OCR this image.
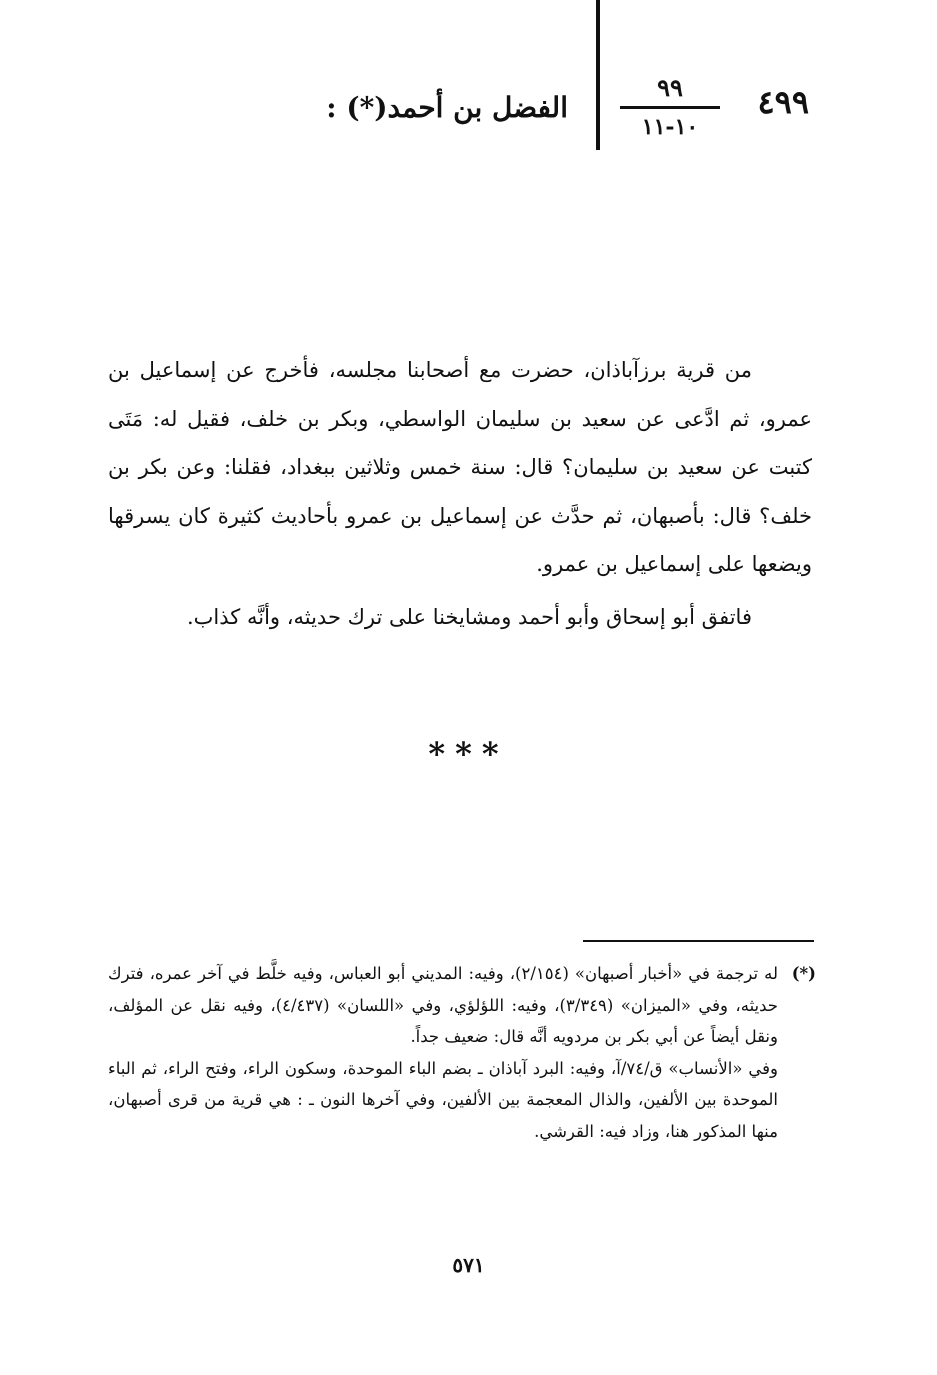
٤٩٩
٩٩
١٠-١١
الفضل بن أحمد(*) :

من قرية برزآباذان، حضرت مع أصحابنا مجلسه، فأخرج عن إسماعيل بن عمرو، ثم ادَّعى عن سعيد بن سليمان الواسطي، وبكر بن خلف، فقيل له: مَتَى كتبت عن سعيد بن سليمان؟ قال: سنة خمس وثلاثين ببغداد، فقلنا: وعن بكر بن خلف؟ قال: بأصبهان، ثم حدَّث عن إسماعيل بن عمرو بأحاديث كثيرة كان يسرقها ويضعها على إسماعيل بن عمرو.

فاتفق أبو إسحاق وأبو أحمد ومشايخنا على ترك حديثه، وأنَّه كذاب.

***

(*)له ترجمة في «أخبار أصبهان» (٢/١٥٤)، وفيه: المديني أبو العباس، وفيه خلَّط في آخر عمره، فترك حديثه، وفي «الميزان» (٣/٣٤٩)، وفيه: اللؤلؤي، وفي «اللسان» (٤/٤٣٧)، وفيه نقل عن المؤلف، ونقل أيضاً عن أبي بكر بن مردويه أنَّه قال: ضعيف جداً.

وفي «الأنساب» ق/٧٤/آ، وفيه: البرد آباذان ـ بضم الباء الموحدة، وسكون الراء، وفتح الراء، ثم الباء الموحدة بين الألفين، والذال المعجمة بين الألفين، وفي آخرها النون ـ : هي قرية من قرى أصبهان، منها المذكور هنا، وزاد فيه: القرشي.

٥٧١
